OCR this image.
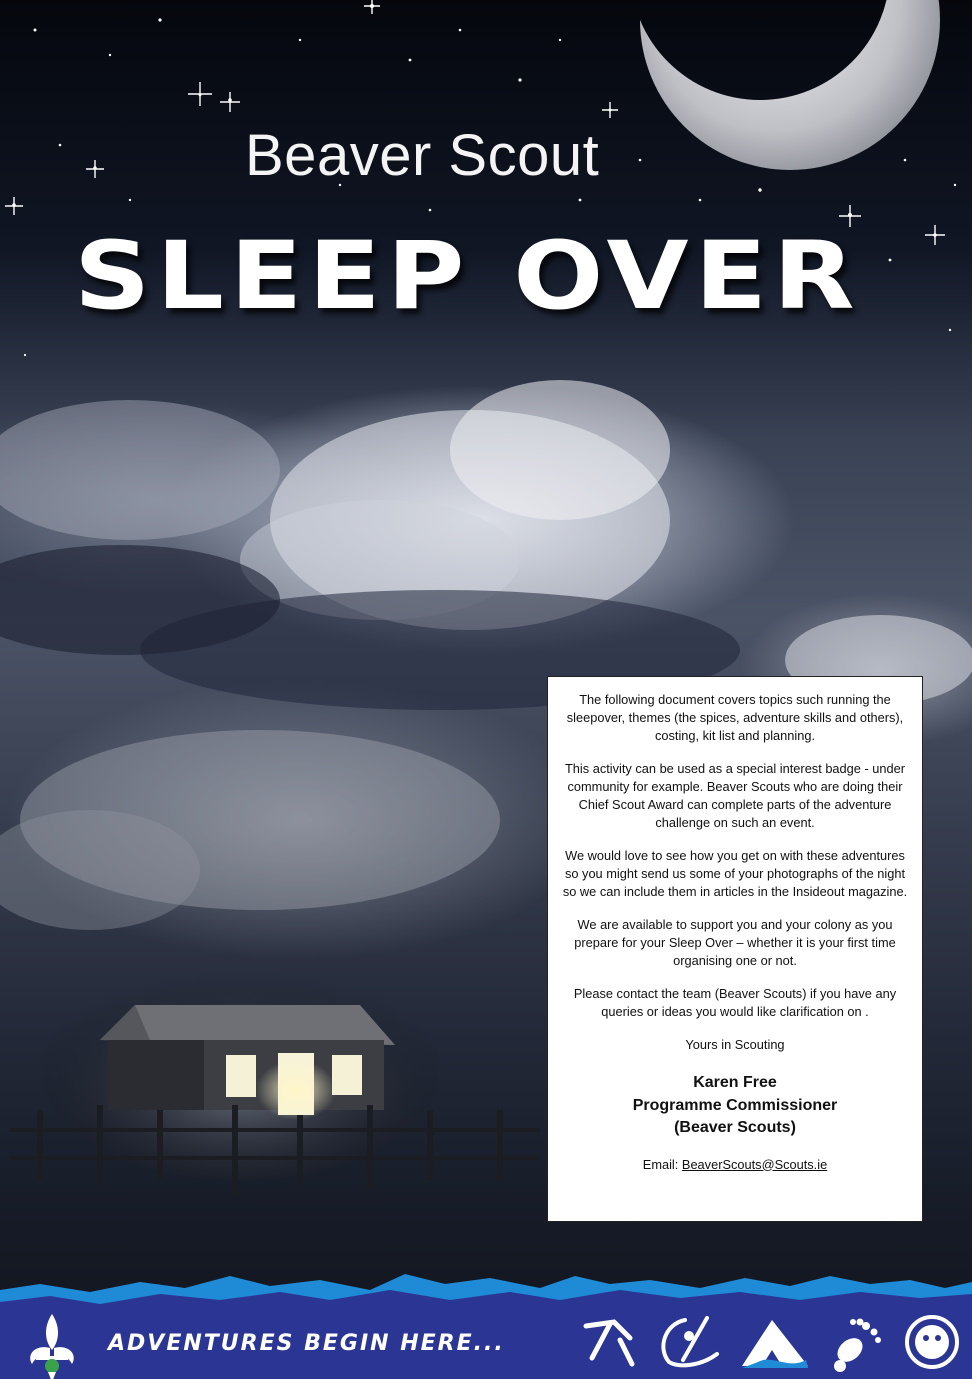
Beaver Scout
SLEEP OVER

The following document covers topics such running the sleepover, themes (the spices, adventure skills and others), costing, kit list and planning.

This activity can be used as a special interest badge - under community for example. Beaver Scouts who are doing their Chief Scout Award can complete parts of the adventure challenge on such an event.

We would love to see how you get on with these adventures so you might send us some of your photographs of the night so we can include them in articles in the Insideout magazine.

We are available to support you and your colony as you prepare for your Sleep Over – whether it is your first time organising one or not.

Please contact the team (Beaver Scouts) if you have any queries or ideas you would like clarification on .

Yours in Scouting

Karen Free
Programme Commissioner
(Beaver Scouts)

Email: BeaverScouts@Scouts.ie

ADVENTURES BEGIN HERE...
